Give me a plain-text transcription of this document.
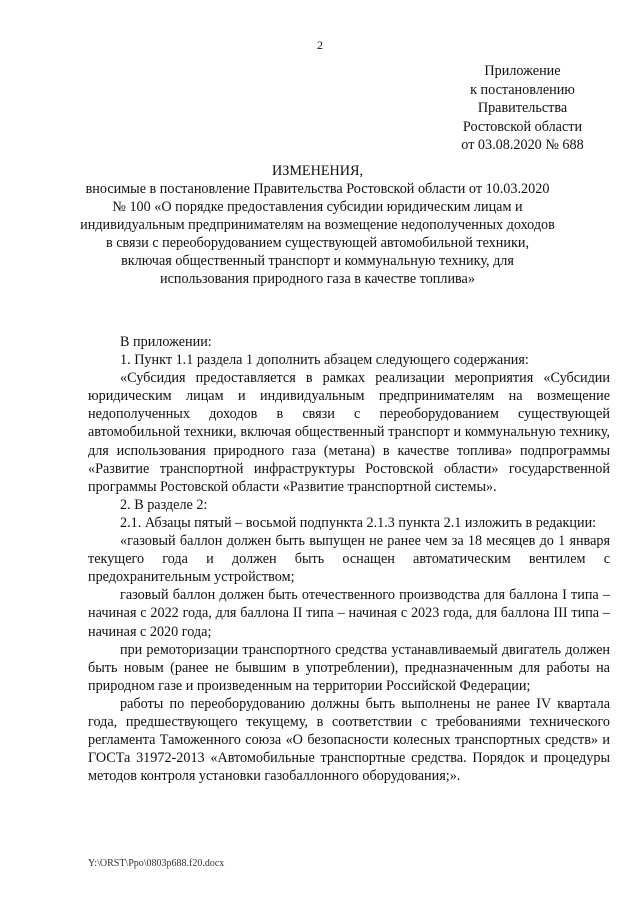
2
Приложение
к постановлению
Правительства
Ростовской области
от 03.08.2020 № 688
ИЗМЕНЕНИЯ,
вносимые в постановление Правительства Ростовской области от 10.03.2020 № 100 «О порядке предоставления субсидии юридическим лицам и индивидуальным предпринимателям на возмещение недополученных доходов в связи с переоборудованием существующей автомобильной техники, включая общественный транспорт и коммунальную технику, для использования природного газа в качестве топлива»

В приложении:

1. Пункт 1.1 раздела 1 дополнить абзацем следующего содержания:

«Субсидия предоставляется в рамках реализации мероприятия «Субсидии юридическим лицам и индивидуальным предпринимателям на возмещение недополученных доходов в связи с переоборудованием существующей автомобильной техники, включая общественный транспорт и коммунальную технику, для использования природного газа (метана) в качестве топлива» подпрограммы «Развитие транспортной инфраструктуры Ростовской области» государственной программы Ростовской области «Развитие транспортной системы».

2. В разделе 2:

2.1. Абзацы пятый – восьмой подпункта 2.1.3 пункта 2.1 изложить в редакции:

«газовый баллон должен быть выпущен не ранее чем за 18 месяцев до 1 января текущего года и должен быть оснащен автоматическим вентилем с предохранительным устройством;

газовый баллон должен быть отечественного производства для баллона I типа – начиная с 2022 года, для баллона II типа – начиная с 2023 года, для баллона III типа – начиная с 2020 года;

при ремоторизации транспортного средства устанавливаемый двигатель должен быть новым (ранее не бывшим в употреблении), предназначенным для работы на природном газе и произведенным на территории Российской Федерации;

работы по переоборудованию должны быть выполнены не ранее IV квартала года, предшествующего текущему, в соответствии с требованиями технического регламента Таможенного союза «О безопасности колесных транспортных средств» и ГОСТа 31972-2013 «Автомобильные транспортные средства. Порядок и процедуры методов контроля установки газобаллонного оборудования;».

Y:\ORST\Ppo\0803p688.f20.docx
